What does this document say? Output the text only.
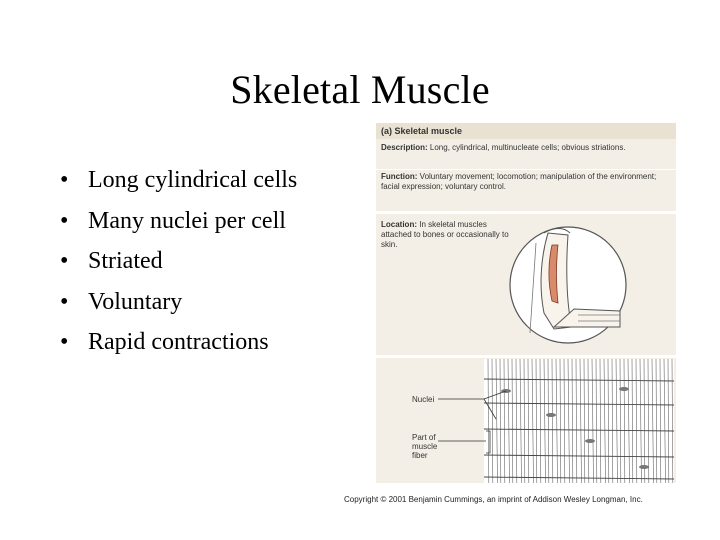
Skeletal Muscle
• Long cylindrical cells
• Many nuclei per cell
• Striated
• Voluntary
• Rapid contractions
(a) Skeletal muscle
Description: Long, cylindrical, multinucleate cells; obvious striations.
Function: Voluntary movement; locomotion; manipulation of the environment; facial expression; voluntary control.
Location: In skeletal muscles attached to bones or occasionally to skin.
Nuclei
Part of muscle fiber
Copyright © 2001 Benjamin Cummings, an imprint of Addison Wesley Longman, Inc.
